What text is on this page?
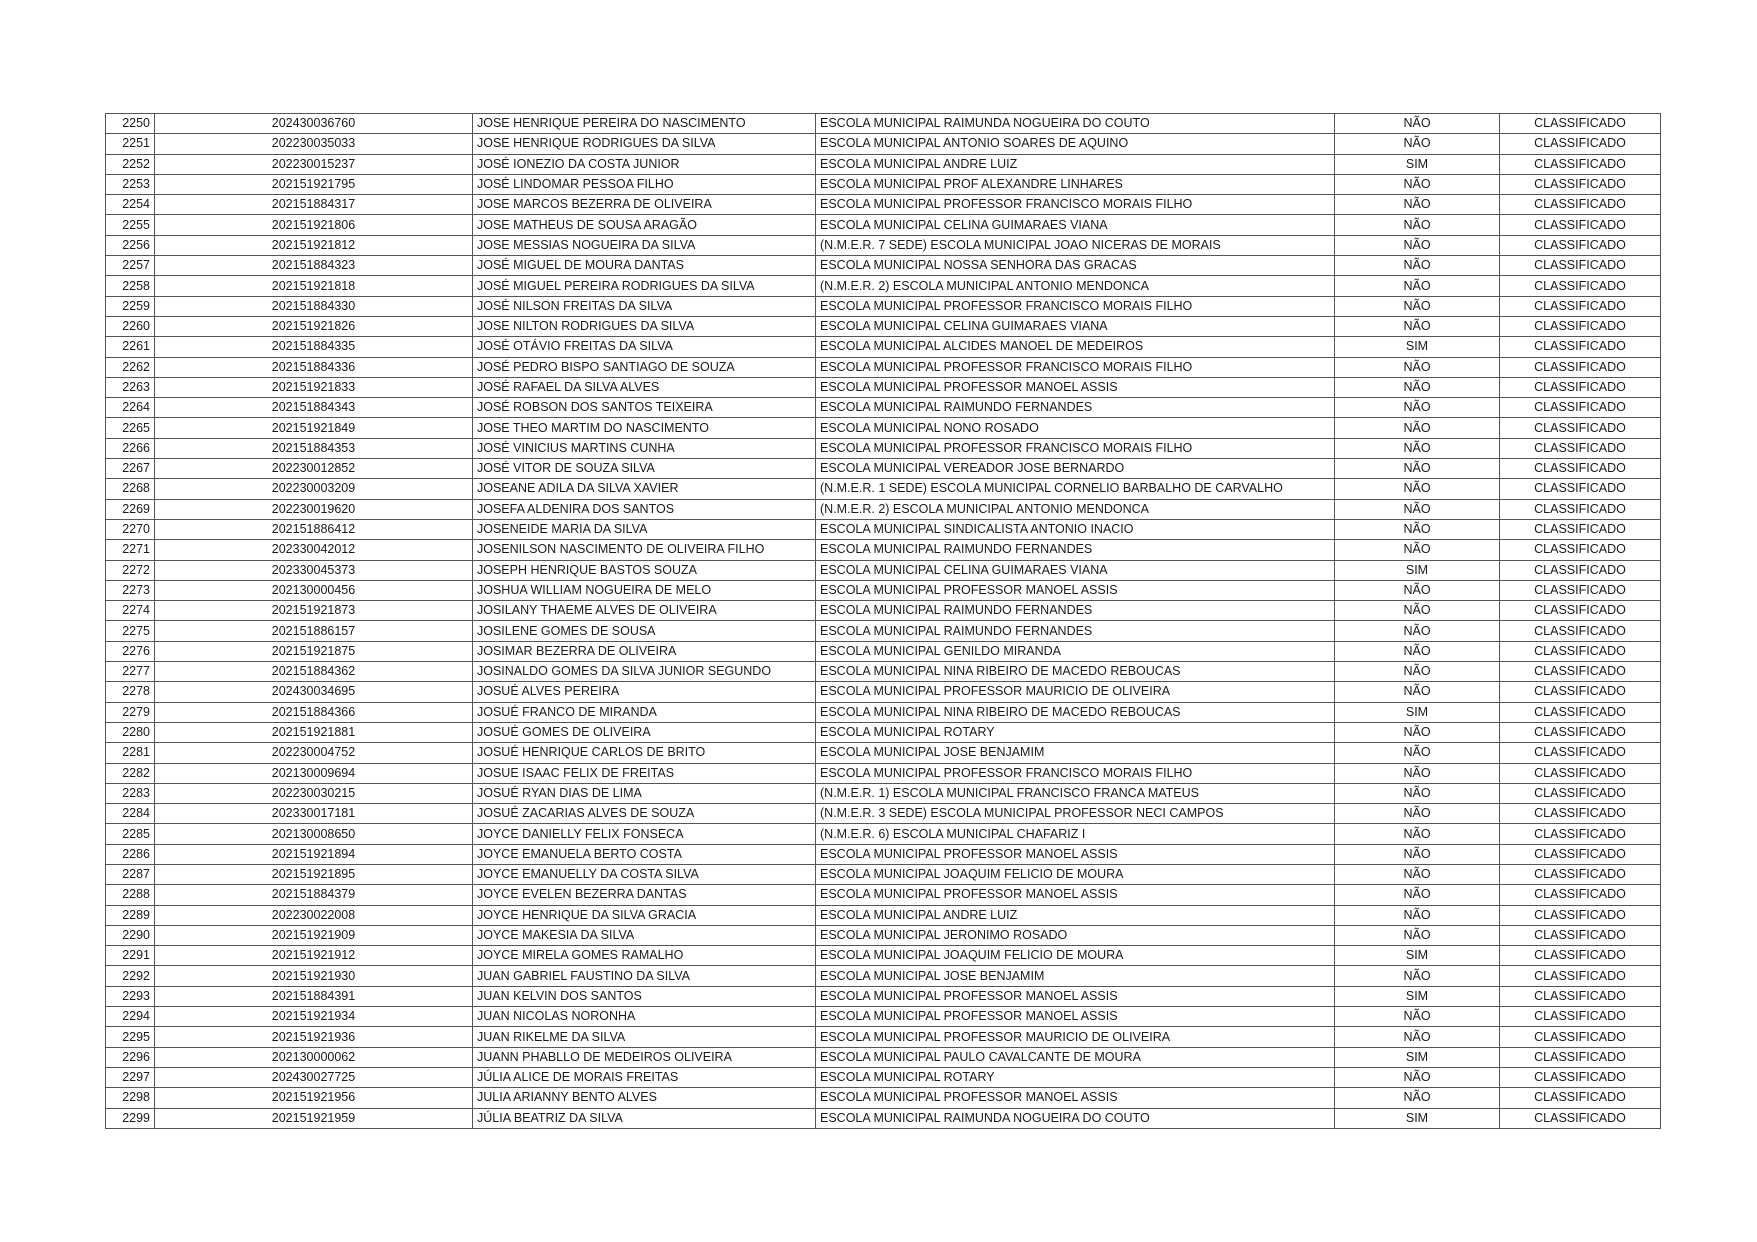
2250	202430036760	JOSE HENRIQUE PEREIRA DO NASCIMENTO	ESCOLA MUNICIPAL RAIMUNDA NOGUEIRA DO COUTO	NÃO	CLASSIFICADO
2251	202230035033	JOSE HENRIQUE RODRIGUES DA SILVA	ESCOLA MUNICIPAL ANTONIO SOARES DE AQUINO	NÃO	CLASSIFICADO
2252	202230015237	JOSÉ IONEZIO DA COSTA JUNIOR	ESCOLA MUNICIPAL ANDRE LUIZ	SIM	CLASSIFICADO
2253	202151921795	JOSÉ LINDOMAR PESSOA FILHO	ESCOLA MUNICIPAL PROF ALEXANDRE LINHARES	NÃO	CLASSIFICADO
2254	202151884317	JOSE MARCOS BEZERRA DE OLIVEIRA	ESCOLA MUNICIPAL PROFESSOR FRANCISCO MORAIS FILHO	NÃO	CLASSIFICADO
2255	202151921806	JOSE MATHEUS DE SOUSA ARAGÃO	ESCOLA MUNICIPAL CELINA GUIMARAES VIANA	NÃO	CLASSIFICADO
2256	202151921812	JOSE MESSIAS NOGUEIRA DA SILVA	(N.M.E.R. 7 SEDE) ESCOLA MUNICIPAL JOAO NICERAS DE MORAIS	NÃO	CLASSIFICADO
2257	202151884323	JOSÉ MIGUEL DE MOURA DANTAS	ESCOLA MUNICIPAL NOSSA SENHORA DAS GRACAS	NÃO	CLASSIFICADO
2258	202151921818	JOSÉ MIGUEL PEREIRA RODRIGUES DA SILVA	(N.M.E.R. 2) ESCOLA MUNICIPAL ANTONIO MENDONCA	NÃO	CLASSIFICADO
2259	202151884330	JOSÉ NILSON FREITAS DA SILVA	ESCOLA MUNICIPAL PROFESSOR FRANCISCO MORAIS FILHO	NÃO	CLASSIFICADO
2260	202151921826	JOSE NILTON RODRIGUES DA SILVA	ESCOLA MUNICIPAL CELINA GUIMARAES VIANA	NÃO	CLASSIFICADO
2261	202151884335	JOSÉ OTÁVIO FREITAS DA SILVA	ESCOLA MUNICIPAL ALCIDES MANOEL DE MEDEIROS	SIM	CLASSIFICADO
2262	202151884336	JOSÉ PEDRO BISPO SANTIAGO DE SOUZA	ESCOLA MUNICIPAL PROFESSOR FRANCISCO MORAIS FILHO	NÃO	CLASSIFICADO
2263	202151921833	JOSÉ RAFAEL DA SILVA ALVES	ESCOLA MUNICIPAL PROFESSOR MANOEL ASSIS	NÃO	CLASSIFICADO
2264	202151884343	JOSÉ ROBSON DOS SANTOS TEIXEIRA	ESCOLA MUNICIPAL RAIMUNDO FERNANDES	NÃO	CLASSIFICADO
2265	202151921849	JOSE THEO MARTIM DO NASCIMENTO	ESCOLA MUNICIPAL NONO ROSADO	NÃO	CLASSIFICADO
2266	202151884353	JOSÉ VINICIUS MARTINS CUNHA	ESCOLA MUNICIPAL PROFESSOR FRANCISCO MORAIS FILHO	NÃO	CLASSIFICADO
2267	202230012852	JOSÉ VITOR DE SOUZA SILVA	ESCOLA MUNICIPAL VEREADOR JOSE BERNARDO	NÃO	CLASSIFICADO
2268	202230003209	JOSEANE ADILA DA SILVA XAVIER	(N.M.E.R. 1 SEDE) ESCOLA MUNICIPAL CORNELIO BARBALHO DE CARVALHO	NÃO	CLASSIFICADO
2269	202230019620	JOSEFA ALDENIRA DOS SANTOS	(N.M.E.R. 2) ESCOLA MUNICIPAL ANTONIO MENDONCA	NÃO	CLASSIFICADO
2270	202151886412	JOSENEIDE MARIA DA SILVA	ESCOLA MUNICIPAL SINDICALISTA ANTONIO INACIO	NÃO	CLASSIFICADO
2271	202330042012	JOSENILSON NASCIMENTO DE OLIVEIRA FILHO	ESCOLA MUNICIPAL RAIMUNDO FERNANDES	NÃO	CLASSIFICADO
2272	202330045373	JOSEPH HENRIQUE BASTOS SOUZA	ESCOLA MUNICIPAL CELINA GUIMARAES VIANA	SIM	CLASSIFICADO
2273	202130000456	JOSHUA WILLIAM NOGUEIRA DE MELO	ESCOLA MUNICIPAL PROFESSOR MANOEL ASSIS	NÃO	CLASSIFICADO
2274	202151921873	JOSILANY THAEME ALVES DE OLIVEIRA	ESCOLA MUNICIPAL RAIMUNDO FERNANDES	NÃO	CLASSIFICADO
2275	202151886157	JOSILENE GOMES DE SOUSA	ESCOLA MUNICIPAL RAIMUNDO FERNANDES	NÃO	CLASSIFICADO
2276	202151921875	JOSIMAR BEZERRA DE OLIVEIRA	ESCOLA MUNICIPAL GENILDO MIRANDA	NÃO	CLASSIFICADO
2277	202151884362	JOSINALDO GOMES DA SILVA JUNIOR SEGUNDO	ESCOLA MUNICIPAL NINA RIBEIRO DE MACEDO REBOUCAS	NÃO	CLASSIFICADO
2278	202430034695	JOSUÉ ALVES PEREIRA	ESCOLA MUNICIPAL PROFESSOR MAURICIO DE OLIVEIRA	NÃO	CLASSIFICADO
2279	202151884366	JOSUÉ FRANCO DE MIRANDA	ESCOLA MUNICIPAL NINA RIBEIRO DE MACEDO REBOUCAS	SIM	CLASSIFICADO
2280	202151921881	JOSUÉ GOMES DE OLIVEIRA	ESCOLA MUNICIPAL ROTARY	NÃO	CLASSIFICADO
2281	202230004752	JOSUÉ HENRIQUE CARLOS DE BRITO	ESCOLA MUNICIPAL JOSE BENJAMIM	NÃO	CLASSIFICADO
2282	202130009694	JOSUE ISAAC FELIX DE FREITAS	ESCOLA MUNICIPAL PROFESSOR FRANCISCO MORAIS FILHO	NÃO	CLASSIFICADO
2283	202230030215	JOSUÉ RYAN DIAS DE LIMA	(N.M.E.R. 1) ESCOLA MUNICIPAL FRANCISCO FRANCA MATEUS	NÃO	CLASSIFICADO
2284	202330017181	JOSUÉ ZACARIAS ALVES DE SOUZA	(N.M.E.R. 3 SEDE) ESCOLA MUNICIPAL PROFESSOR NECI CAMPOS	NÃO	CLASSIFICADO
2285	202130008650	JOYCE DANIELLY FELIX FONSECA	(N.M.E.R. 6) ESCOLA MUNICIPAL CHAFARIZ I	NÃO	CLASSIFICADO
2286	202151921894	JOYCE EMANUELA BERTO COSTA	ESCOLA MUNICIPAL PROFESSOR MANOEL ASSIS	NÃO	CLASSIFICADO
2287	202151921895	JOYCE EMANUELLY DA COSTA SILVA	ESCOLA MUNICIPAL JOAQUIM FELICIO DE MOURA	NÃO	CLASSIFICADO
2288	202151884379	JOYCE EVELEN BEZERRA DANTAS	ESCOLA MUNICIPAL PROFESSOR MANOEL ASSIS	NÃO	CLASSIFICADO
2289	202230022008	JOYCE HENRIQUE DA SILVA GRACIA	ESCOLA MUNICIPAL ANDRE LUIZ	NÃO	CLASSIFICADO
2290	202151921909	JOYCE MAKESIA DA SILVA	ESCOLA MUNICIPAL JERONIMO ROSADO	NÃO	CLASSIFICADO
2291	202151921912	JOYCE MIRELA GOMES RAMALHO	ESCOLA MUNICIPAL JOAQUIM FELICIO DE MOURA	SIM	CLASSIFICADO
2292	202151921930	JUAN GABRIEL FAUSTINO DA SILVA	ESCOLA MUNICIPAL JOSE BENJAMIM	NÃO	CLASSIFICADO
2293	202151884391	JUAN KELVIN DOS SANTOS	ESCOLA MUNICIPAL PROFESSOR MANOEL ASSIS	SIM	CLASSIFICADO
2294	202151921934	JUAN NICOLAS NORONHA	ESCOLA MUNICIPAL PROFESSOR MANOEL ASSIS	NÃO	CLASSIFICADO
2295	202151921936	JUAN RIKELME DA SILVA	ESCOLA MUNICIPAL PROFESSOR MAURICIO DE OLIVEIRA	NÃO	CLASSIFICADO
2296	202130000062	JUANN PHABLLO DE MEDEIROS OLIVEIRA	ESCOLA MUNICIPAL PAULO CAVALCANTE DE MOURA	SIM	CLASSIFICADO
2297	202430027725	JÚLIA ALICE DE MORAIS FREITAS	ESCOLA MUNICIPAL ROTARY	NÃO	CLASSIFICADO
2298	202151921956	JULIA ARIANNY BENTO ALVES	ESCOLA MUNICIPAL PROFESSOR MANOEL ASSIS	NÃO	CLASSIFICADO
2299	202151921959	JÚLIA BEATRIZ DA SILVA	ESCOLA MUNICIPAL RAIMUNDA NOGUEIRA DO COUTO	SIM	CLASSIFICADO
